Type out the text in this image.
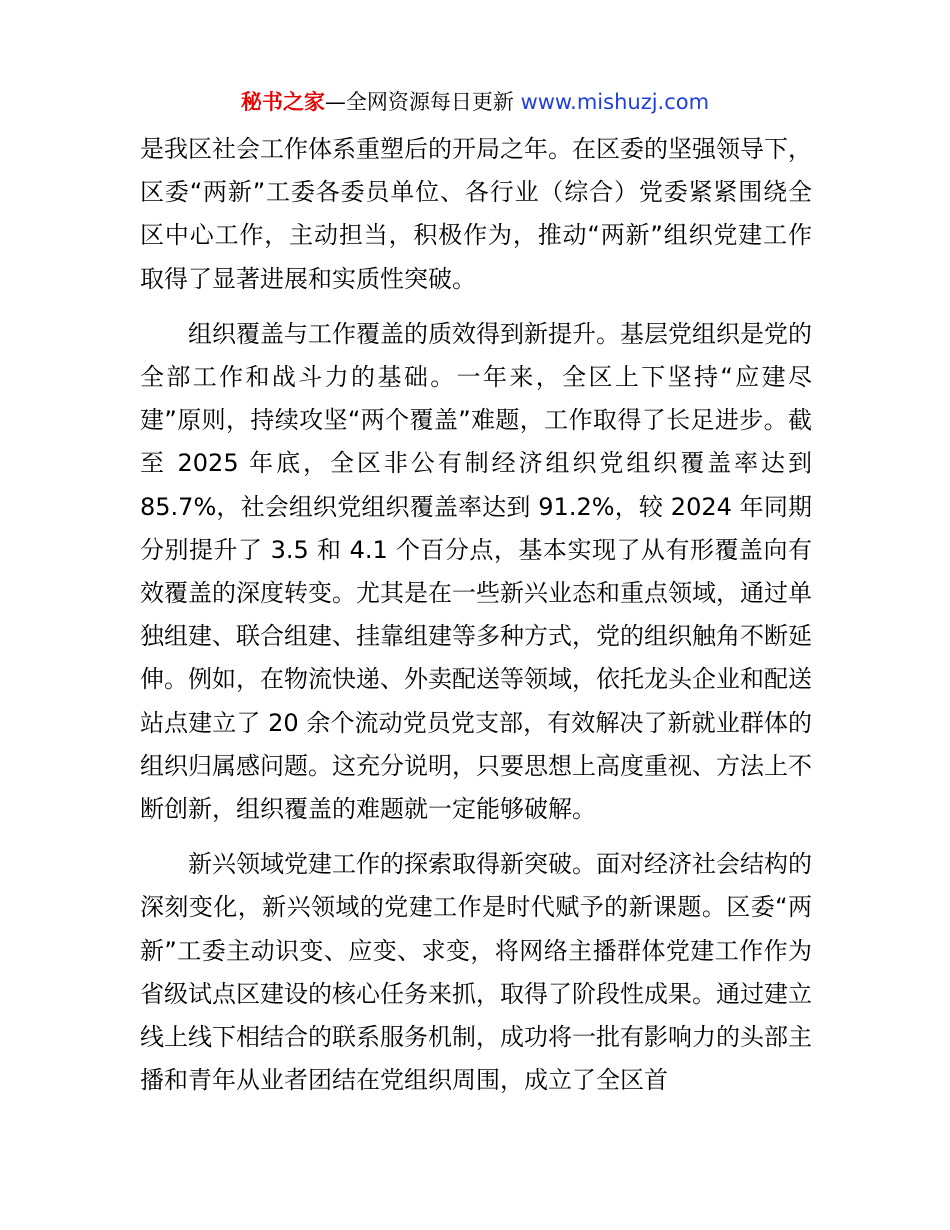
秘书之家—全网资源每日更新 www.mishuzj.com

是我区社会工作体系重塑后的开局之年。在区委的坚强领导下，区委“两新”工委各委员单位、各行业（综合）党委紧紧围绕全区中心工作，主动担当，积极作为，推动“两新”组织党建工作取得了显著进展和实质性突破。

组织覆盖与工作覆盖的质效得到新提升。基层党组织是党的全部工作和战斗力的基础。一年来，全区上下坚持“应建尽建”原则，持续攻坚“两个覆盖”难题，工作取得了长足进步。截至 2025 年底，全区非公有制经济组织党组织覆盖率达到 85.7%，社会组织党组织覆盖率达到 91.2%，较 2024 年同期分别提升了 3.5 和 4.1 个百分点，基本实现了从有形覆盖向有效覆盖的深度转变。尤其是在一些新兴业态和重点领域，通过单独组建、联合组建、挂靠组建等多种方式，党的组织触角不断延伸。例如，在物流快递、外卖配送等领域，依托龙头企业和配送站点建立了 20 余个流动党员党支部，有效解决了新就业群体的组织归属感问题。这充分说明，只要思想上高度重视、方法上不断创新，组织覆盖的难题就一定能够破解。

新兴领域党建工作的探索取得新突破。面对经济社会结构的深刻变化，新兴领域的党建工作是时代赋予的新课题。区委“两新”工委主动识变、应变、求变，将网络主播群体党建工作作为省级试点区建设的核心任务来抓，取得了阶段性成果。通过建立线上线下相结合的联系服务机制，成功将一批有影响力的头部主播和青年从业者团结在党组织周围，成立了全区首
